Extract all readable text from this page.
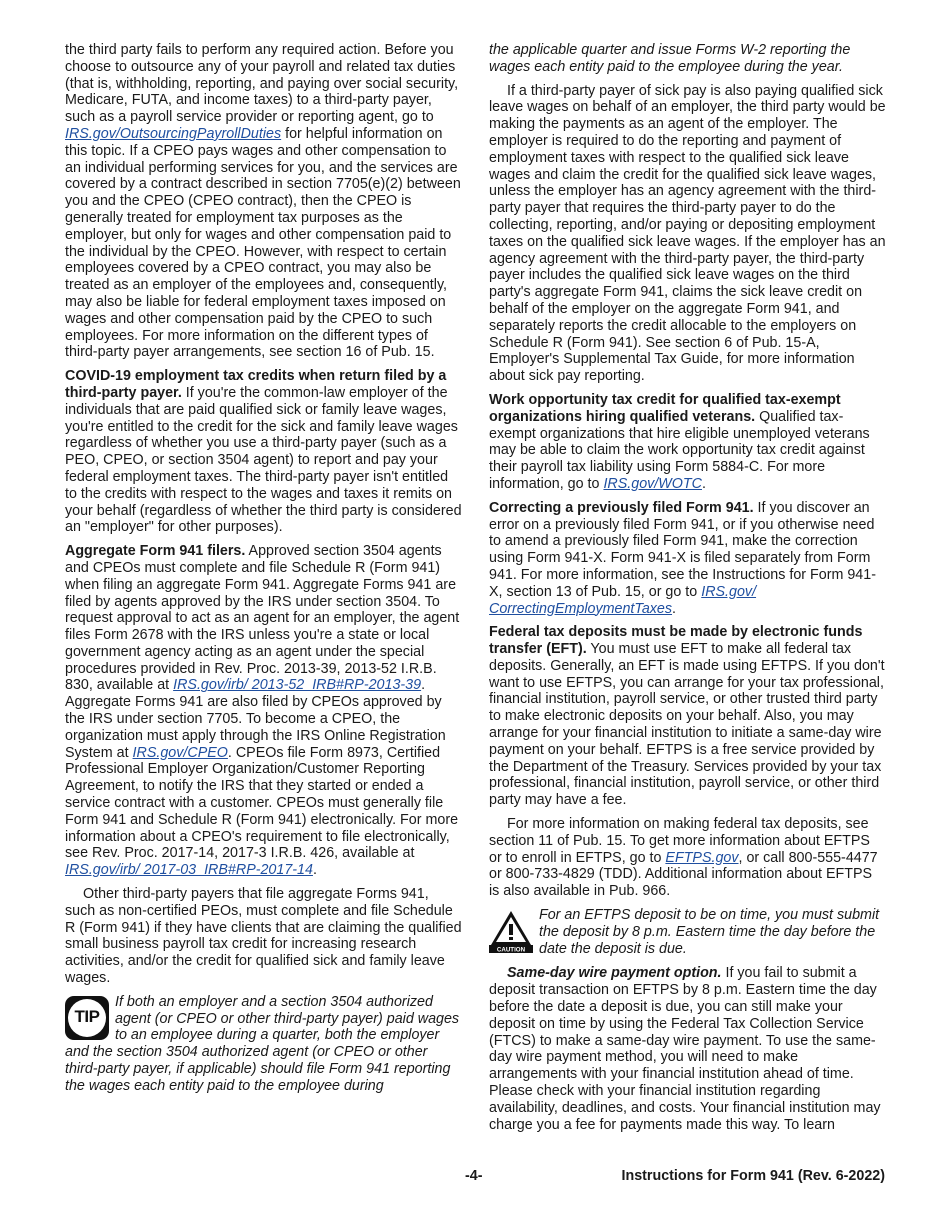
the third party fails to perform any required action. Before you choose to outsource any of your payroll and related tax duties (that is, withholding, reporting, and paying over social security, Medicare, FUTA, and income taxes) to a third-party payer, such as a payroll service provider or reporting agent, go to IRS.gov/OutsourcingPayrollDuties for helpful information on this topic. If a CPEO pays wages and other compensation to an individual performing services for you, and the services are covered by a contract described in section 7705(e)(2) between you and the CPEO (CPEO contract), then the CPEO is generally treated for employment tax purposes as the employer, but only for wages and other compensation paid to the individual by the CPEO. However, with respect to certain employees covered by a CPEO contract, you may also be treated as an employer of the employees and, consequently, may also be liable for federal employment taxes imposed on wages and other compensation paid by the CPEO to such employees. For more information on the different types of third-party payer arrangements, see section 16 of Pub. 15.

COVID-19 employment tax credits when return filed by a third-party payer. If you're the common-law employer of the individuals that are paid qualified sick or family leave wages, you're entitled to the credit for the sick and family leave wages regardless of whether you use a third-party payer (such as a PEO, CPEO, or section 3504 agent) to report and pay your federal employment taxes. The third-party payer isn't entitled to the credits with respect to the wages and taxes it remits on your behalf (regardless of whether the third party is considered an "employer" for other purposes).

Aggregate Form 941 filers. Approved section 3504 agents and CPEOs must complete and file Schedule R (Form 941) when filing an aggregate Form 941. Aggregate Forms 941 are filed by agents approved by the IRS under section 3504. To request approval to act as an agent for an employer, the agent files Form 2678 with the IRS unless you're a state or local government agency acting as an agent under the special procedures provided in Rev. Proc. 2013-39, 2013-52 I.R.B. 830, available at IRS.gov/irb/ 2013-52_IRB#RP-2013-39. Aggregate Forms 941 are also filed by CPEOs approved by the IRS under section 7705. To become a CPEO, the organization must apply through the IRS Online Registration System at IRS.gov/CPEO. CPEOs file Form 8973, Certified Professional Employer Organization/Customer Reporting Agreement, to notify the IRS that they started or ended a service contract with a customer. CPEOs must generally file Form 941 and Schedule R (Form 941) electronically. For more information about a CPEO's requirement to file electronically, see Rev. Proc. 2017-14, 2017-3 I.R.B. 426, available at IRS.gov/irb/ 2017-03_IRB#RP-2017-14.

Other third-party payers that file aggregate Forms 941, such as non-certified PEOs, must complete and file Schedule R (Form 941) if they have clients that are claiming the qualified small business payroll tax credit for increasing research activities, and/or the credit for qualified sick and family leave wages.

TIP
If both an employer and a section 3504 authorized agent (or CPEO or other third-party payer) paid wages to an employee during a quarter, both the employer and the section 3504 authorized agent (or CPEO or other third-party payer, if applicable) should file Form 941 reporting the wages each entity paid to the employee during

the applicable quarter and issue Forms W-2 reporting the wages each entity paid to the employee during the year.

If a third-party payer of sick pay is also paying qualified sick leave wages on behalf of an employer, the third party would be making the payments as an agent of the employer. The employer is required to do the reporting and payment of employment taxes with respect to the qualified sick leave wages and claim the credit for the qualified sick leave wages, unless the employer has an agency agreement with the third-party payer that requires the third-party payer to do the collecting, reporting, and/or paying or depositing employment taxes on the qualified sick leave wages. If the employer has an agency agreement with the third-party payer, the third-party payer includes the qualified sick leave wages on the third party's aggregate Form 941, claims the sick leave credit on behalf of the employer on the aggregate Form 941, and separately reports the credit allocable to the employers on Schedule R (Form 941). See section 6 of Pub. 15-A, Employer's Supplemental Tax Guide, for more information about sick pay reporting.

Work opportunity tax credit for qualified tax-exempt organizations hiring qualified veterans. Qualified tax-exempt organizations that hire eligible unemployed veterans may be able to claim the work opportunity tax credit against their payroll tax liability using Form 5884-C. For more information, go to IRS.gov/WOTC.

Correcting a previously filed Form 941. If you discover an error on a previously filed Form 941, or if you otherwise need to amend a previously filed Form 941, make the correction using Form 941-X. Form 941-X is filed separately from Form 941. For more information, see the Instructions for Form 941-X, section 13 of Pub. 15, or go to IRS.gov/ CorrectingEmploymentTaxes.

Federal tax deposits must be made by electronic funds transfer (EFT). You must use EFT to make all federal tax deposits. Generally, an EFT is made using EFTPS. If you don't want to use EFTPS, you can arrange for your tax professional, financial institution, payroll service, or other trusted third party to make electronic deposits on your behalf. Also, you may arrange for your financial institution to initiate a same-day wire payment on your behalf. EFTPS is a free service provided by the Department of the Treasury. Services provided by your tax professional, financial institution, payroll service, or other third party may have a fee.

For more information on making federal tax deposits, see section 11 of Pub. 15. To get more information about EFTPS or to enroll in EFTPS, go to EFTPS.gov, or call 800-555-4477 or 800-733-4829 (TDD). Additional information about EFTPS is also available in Pub. 966.

CAUTION
For an EFTPS deposit to be on time, you must submit the deposit by 8 p.m. Eastern time the day before the date the deposit is due.

Same-day wire payment option. If you fail to submit a deposit transaction on EFTPS by 8 p.m. Eastern time the day before the date a deposit is due, you can still make your deposit on time by using the Federal Tax Collection Service (FTCS) to make a same-day wire payment. To use the same-day wire payment method, you will need to make arrangements with your financial institution ahead of time. Please check with your financial institution regarding availability, deadlines, and costs. Your financial institution may charge you a fee for payments made this way. To learn

-4-	Instructions for Form 941 (Rev. 6-2022)
